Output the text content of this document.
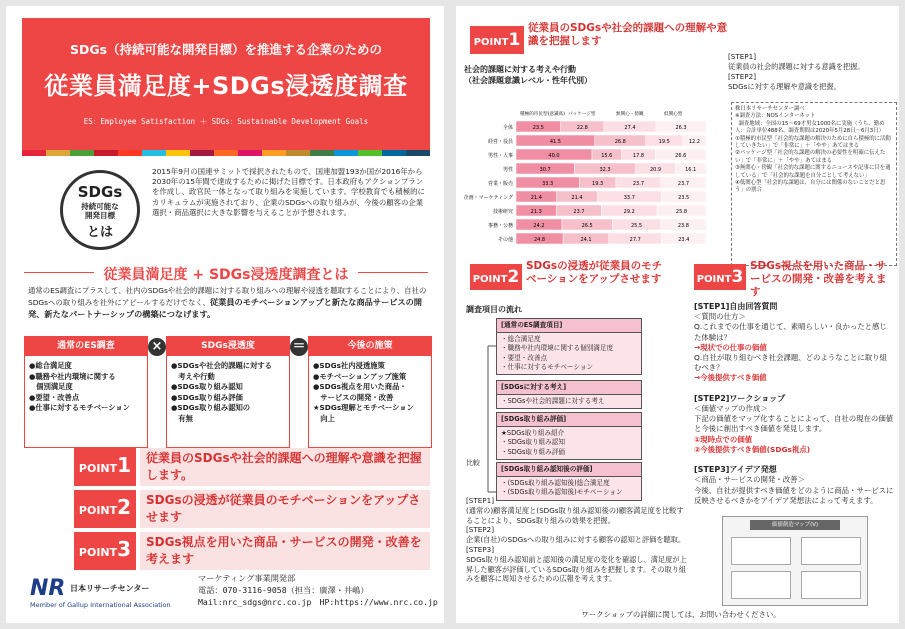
SDGs（持続可能な開発目標）を推進する企業のための
従業員満足度+SDGs浸透度調査
ES：Employee Satisfaction ＋ SDGs：Sustainable Development Goals
SDGs
持続可能な開発目標
とは
2015年9月の国連サミットで採択されたもので、国連加盟193か国が2016年から2030年の15年間で達成するために掲げた目標です。日本政府もアクションプランを作成し、政官民一体となって取り組みを実施しています。学校教育でも積極的にカリキュラムが実施されており、企業のSDGsへの取り組みが、今後の顧客の企業選択・商品選択に大きな影響を与えることが予想されます。
従業員満足度 + SDGs浸透度調査とは
通常のES調査にプラスして、社内のSDGsや社会的課題に対する取り組みへの理解や浸透を聴取することにより、自社のSDGsへの取り組みを社外にアピールするだけでなく、従業員のモチベーションアップと新たな商品サービスの開発、新たなパートナーシップの構築につなげます。
通常のES調査
●総合満足度
●職務や社内環境に関する
　個別満足度
●要望・改善点
●仕事に対するモチベーション
×	SDGs浸透度
●SDGsや社会的課題に対する
　考えや行動
●SDGs取り組み認知
●SDGs取り組み評価
●SDGs取り組み認知の
　有無
＝	今後の施策
●SDGs社内浸透施策
●モチベーションアップ施策
●SDGs視点を用いた商品・
　サービスの開発・改善
★SDGs理解とモチベーション
　向上
POINT1	従業員のSDGsや社会的課題への理解や意識を把握します。
POINT2	SDGsの浸透が従業員のモチベーションをアップさせます
POINT3	SDGs視点を用いた商品・サービスの開発・改善を考えます
NR 日本リサーチセンター
Member of Gallup International Association
マーケティング事業開発部
電話：070-3116-9058（担当：廣澤・井嶋）
Mail:nrc_sdgs@nrc.co.jp　HP:https://www.nrc.co.jp
POINT1
従業員のSDGsや社会的課題への理解や意識を把握します
社会的課題に対する考えや行動
（社会課題意識レベル・性年代別）
積極的市民型(意識高) パッケージ型	無関心・傍観	低関心型
全体	23.5	22.8	27.4	26.3
経営・役員	41.5	26.8	19.5	12.2
男性・人事	40.0	15.6	17.8	26.6
男性	30.7	32.3	20.9	16.1
営業・販売	33.3	19.3	23.7	23.7
企画・マーケティング	21.4	21.4	33.7	23.5
技術研究	21.3	23.7	29.2	25.8
事務・公務	24.2	26.5	25.5	23.8
その他	24.8	24.1	27.7	23.4
[STEP1]
従業員の社会的課題に対する意識を把握。
[STEP2]
SDGsに対する理解や意識を把握。
株日本リサーチセンター調べ
※調査方法：NOSインターネット
調査地域：全国の15～69才男女1000名に実施（うち、勤め人：合計単位488名、調査期間は2020年5月28日～6月3日）
①積極的市民型「社会的な課題の解決のために自ら積極的に活動していきたい」で「非常に」＋「やや」あてはまる
②パッケージ型「社会的な課題の解決の必要性を明確に伝えたい」で「非常に」＋「やや」あてはまる
③無関心・傍観「社会的な課題に関するニュースや記事に目を通している」で「社会的な課題を自分ごとして考えない」
④低関心型「社会的な課題は、自分には関係のないことだと思う」の割合
POINT2
SDGsの浸透が従業員のモチベーションをアップさせます
調査項目の流れ
比較
[通常のES調査項目]
・総合満足度
・職務や社内環境に関する個別満足度
・要望・改善点
・仕事に対するモチベーション
[SDGsに対する考え]
・SDGsや社会的課題に対する考え
[SDGs取り組み評価]
★SDGs取り組み紹介
・SDGs取り組み認知
・SDGs取り組み評価
[SDGs取り組み認知後の評価]
・(SDGs取り組み認知後)総合満足度
・(SDGs取り組み認知後)モチベーション
[STEP1]
(通常の)顧客満足度と(SDGs取り組み認知後の)顧客満足度を比較することにより、SDGs取り組みの効果を把握。
[STEP2]
企業(自社)のSDGsへの取り組みに対する顧客の認知と評価を聴取。
[STEP3]
SDGs取り組み認知前と認知後の満足度の変化を確認し、満足度が上昇した顧客が評価しているSDGs取り組みを把握します。その取り組みを顧客に周知させるための広報を考えます。
POINT3
SDGs視点を用いた商品・サービスの開発・改善を考えます
[STEP1]自由回答質問
＜質問の仕方＞
Q.これまでの仕事を通じて、素晴らしい・良かったと感じた体験は？
→現状での仕事の価値
Q.自社が取り組むべき社会課題、どのようなことに取り組むべき？
→今後提供すべき価値

[STEP2]ワークショップ
＜価値マップの作成＞
下記の価値をマップ化することによって、自社の現在の価値と今後に創出すべき価値を発見します。
①現時点での価値
②今後提供すべき価値(SDGs視点)

[STEP3]アイデア発想
＜商品・サービスの開発・改善＞
今後、自社が提供すべき価値をどのように商品・サービスに反映させるべきかをアイデア発想法によって考えます。
価値創造マップ(V)
ワークショップの詳細に関しては、お問い合わせください。
